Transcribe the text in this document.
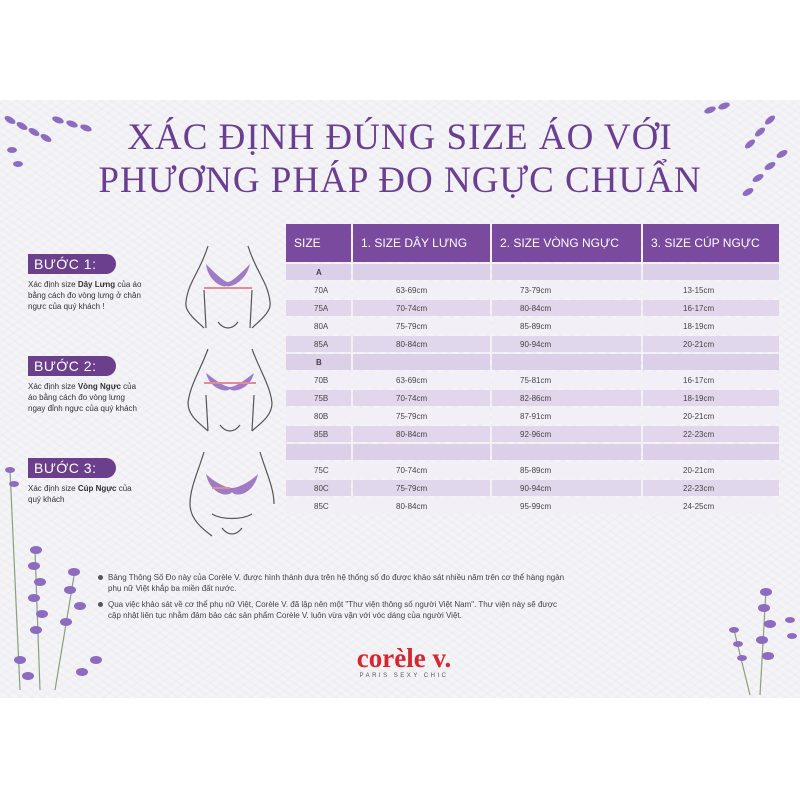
XÁC ĐỊNH ĐÚNG SIZE ÁO VỚI
PHƯƠNG PHÁP ĐO NGỰC CHUẨN
BƯỚC 1:
Xác định size Dây Lưng của áo bằng cách đo vòng lưng ở chân ngực của quý khách !
BƯỚC 2:
Xác định size Vòng Ngực của áo bằng cách đo vòng lưng ngay đỉnh ngực của quý khách
BƯỚC 3:
Xác định size Cúp Ngực của quý khách
SIZE	1. SIZE DÂY LƯNG	2. SIZE VÒNG NGỰC	3. SIZE CÚP NGỰC
A			
70A	63-69cm	73-79cm	13-15cm
75A	70-74cm	80-84cm	16-17cm
80A	75-79cm	85-89cm	18-19cm
85A	80-84cm	90-94cm	20-21cm
B			
70B	63-69cm	75-81cm	16-17cm
75B	70-74cm	82-86cm	18-19cm
80B	75-79cm	87-91cm	20-21cm
85B	80-84cm	92-96cm	22-23cm

75C	70-74cm	85-89cm	20-21cm
80C	75-79cm	90-94cm	22-23cm
85C	80-84cm	95-99cm	24-25cm
Bảng Thông Số Đo này của Corèle V. được hình thành dựa trên hệ thống số đo được khảo sát nhiều năm trên cơ thể hàng ngàn phụ nữ Việt khắp ba miền đất nước.
Qua việc khảo sát về cơ thể phụ nữ Việt, Corèle V. đã lập nên một "Thư viện thông số người Việt Nam". Thư viện này sẽ được cập nhật liên tục nhằm đảm bảo các sản phẩm Corèle V. luôn vừa vặn với vóc dáng của người Việt.
corèle v.
PARIS SEXY CHIC
